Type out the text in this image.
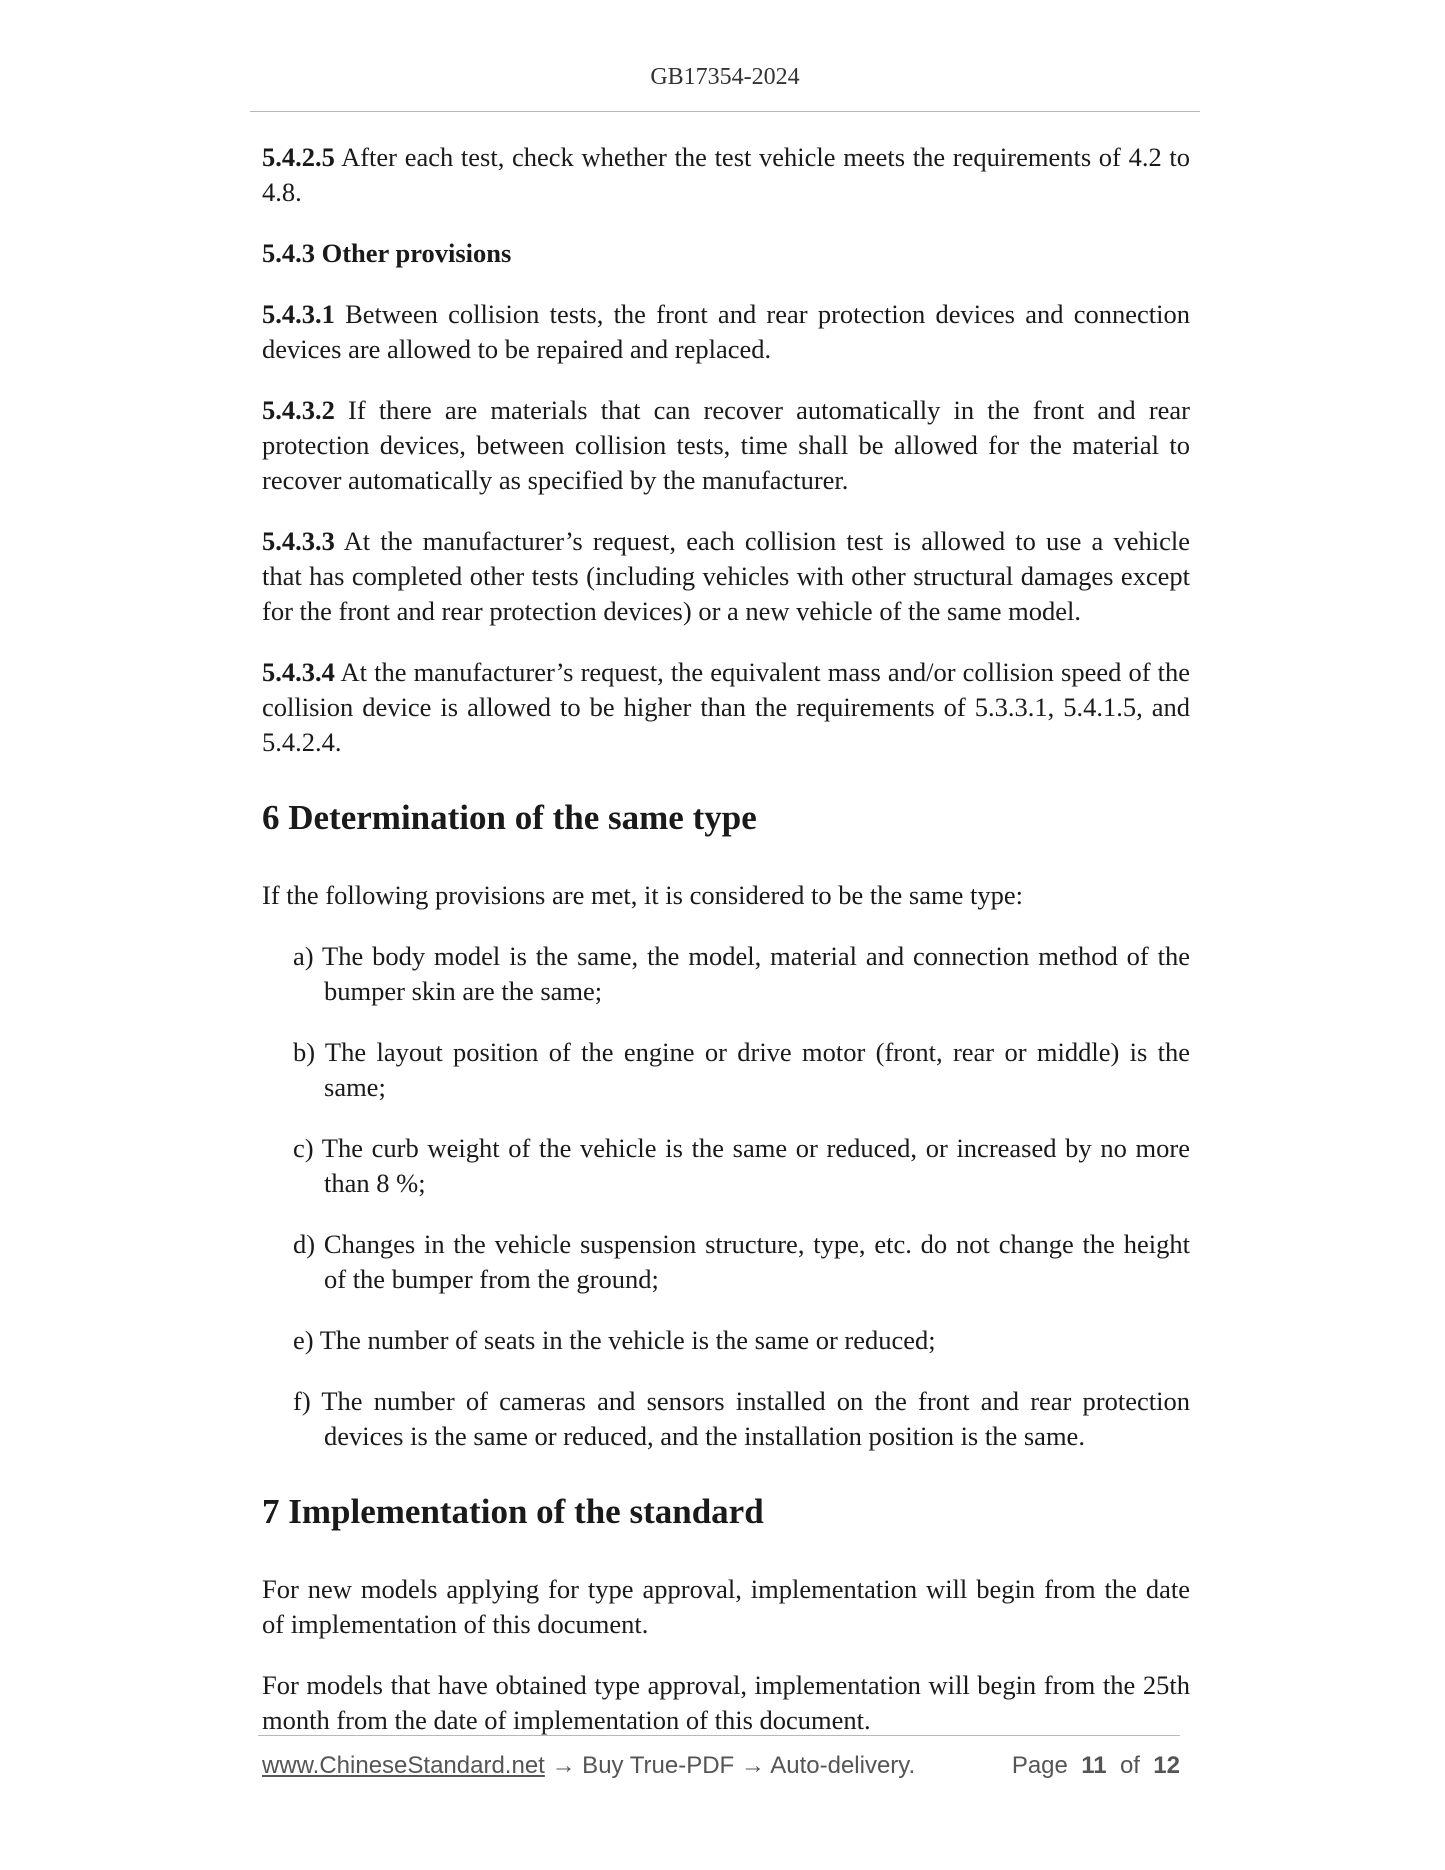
GB17354-2024

5.4.2.5 After each test, check whether the test vehicle meets the requirements of 4.2 to 4.8.

5.4.3 Other provisions

5.4.3.1 Between collision tests, the front and rear protection devices and connection devices are allowed to be repaired and replaced.

5.4.3.2 If there are materials that can recover automatically in the front and rear protection devices, between collision tests, time shall be allowed for the material to recover automatically as specified by the manufacturer.

5.4.3.3 At the manufacturer’s request, each collision test is allowed to use a vehicle that has completed other tests (including vehicles with other structural damages except for the front and rear protection devices) or a new vehicle of the same model.

5.4.3.4 At the manufacturer’s request, the equivalent mass and/or collision speed of the collision device is allowed to be higher than the requirements of 5.3.3.1, 5.4.1.5, and 5.4.2.4.

6 Determination of the same type

If the following provisions are met, it is considered to be the same type:

a) The body model is the same, the model, material and connection method of the bumper skin are the same;

b) The layout position of the engine or drive motor (front, rear or middle) is the same;

c) The curb weight of the vehicle is the same or reduced, or increased by no more than 8 %;

d) Changes in the vehicle suspension structure, type, etc. do not change the height of the bumper from the ground;

e) The number of seats in the vehicle is the same or reduced;

f) The number of cameras and sensors installed on the front and rear protection devices is the same or reduced, and the installation position is the same.

7 Implementation of the standard

For new models applying for type approval, implementation will begin from the date of implementation of this document.

For models that have obtained type approval, implementation will begin from the 25th month from the date of implementation of this document.

www.ChineseStandard.net → Buy True-PDF → Auto-delivery.	Page 11 of 12
